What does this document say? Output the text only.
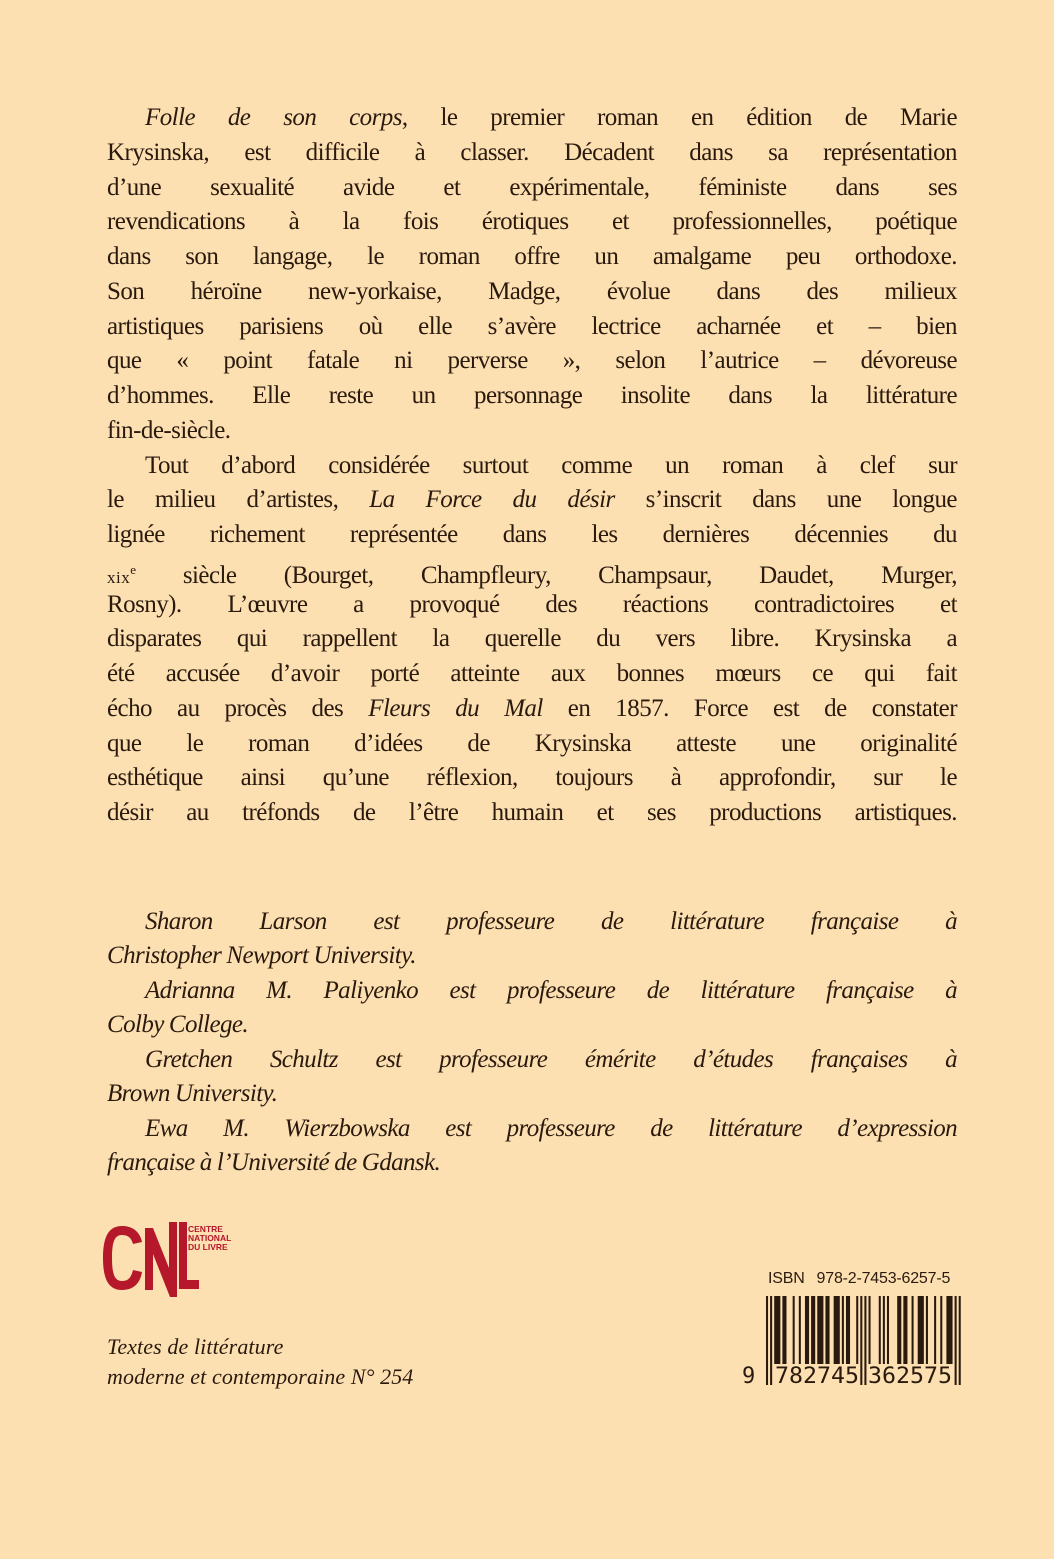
Folle de son corps, le premier roman en édition de Marie
Krysinska, est difficile à classer. Décadent dans sa représentation
d’une sexualité avide et expérimentale, féministe dans ses
revendications à la fois érotiques et professionnelles, poétique
dans son langage, le roman offre un amalgame peu orthodoxe.
Son héroïne new-yorkaise, Madge, évolue dans des milieux
artistiques parisiens où elle s’avère lectrice acharnée et – bien
que « point fatale ni perverse », selon l’autrice – dévoreuse
d’hommes. Elle reste un personnage insolite dans la littérature
fin-de-siècle.
Tout d’abord considérée surtout comme un roman à clef sur
le milieu d’artistes, La Force du désir s’inscrit dans une longue
lignée richement représentée dans les dernières décennies du
xix$^e$ siècle (Bourget, Champfleury, Champsaur, Daudet, Murger,
Rosny). L’œuvre a provoqué des réactions contradictoires et
disparates qui rappellent la querelle du vers libre. Krysinska a
été accusée d’avoir porté atteinte aux bonnes mœurs ce qui fait
écho au procès des Fleurs du Mal en 1857. Force est de constater
que le roman d’idées de Krysinska atteste une originalité
esthétique ainsi qu’une réflexion, toujours à approfondir, sur le
désir au tréfonds de l’être humain et ses productions artistiques.
Sharon Larson est professeure de littérature française à
Christopher Newport University.
Adrianna M. Paliyenko est professeure de littérature française à
Colby College.
Gretchen Schultz est professeure émérite d’études françaises à
Brown University.
Ewa M. Wierzbowska est professeure de littérature d’expression
française à l’Université de Gdansk.
CENTRE
NATIONAL
DU LIVRE
Textes de littérature
moderne et contemporaine N° 254
ISBN 978-2-7453-6257-5
9 782745 362575
